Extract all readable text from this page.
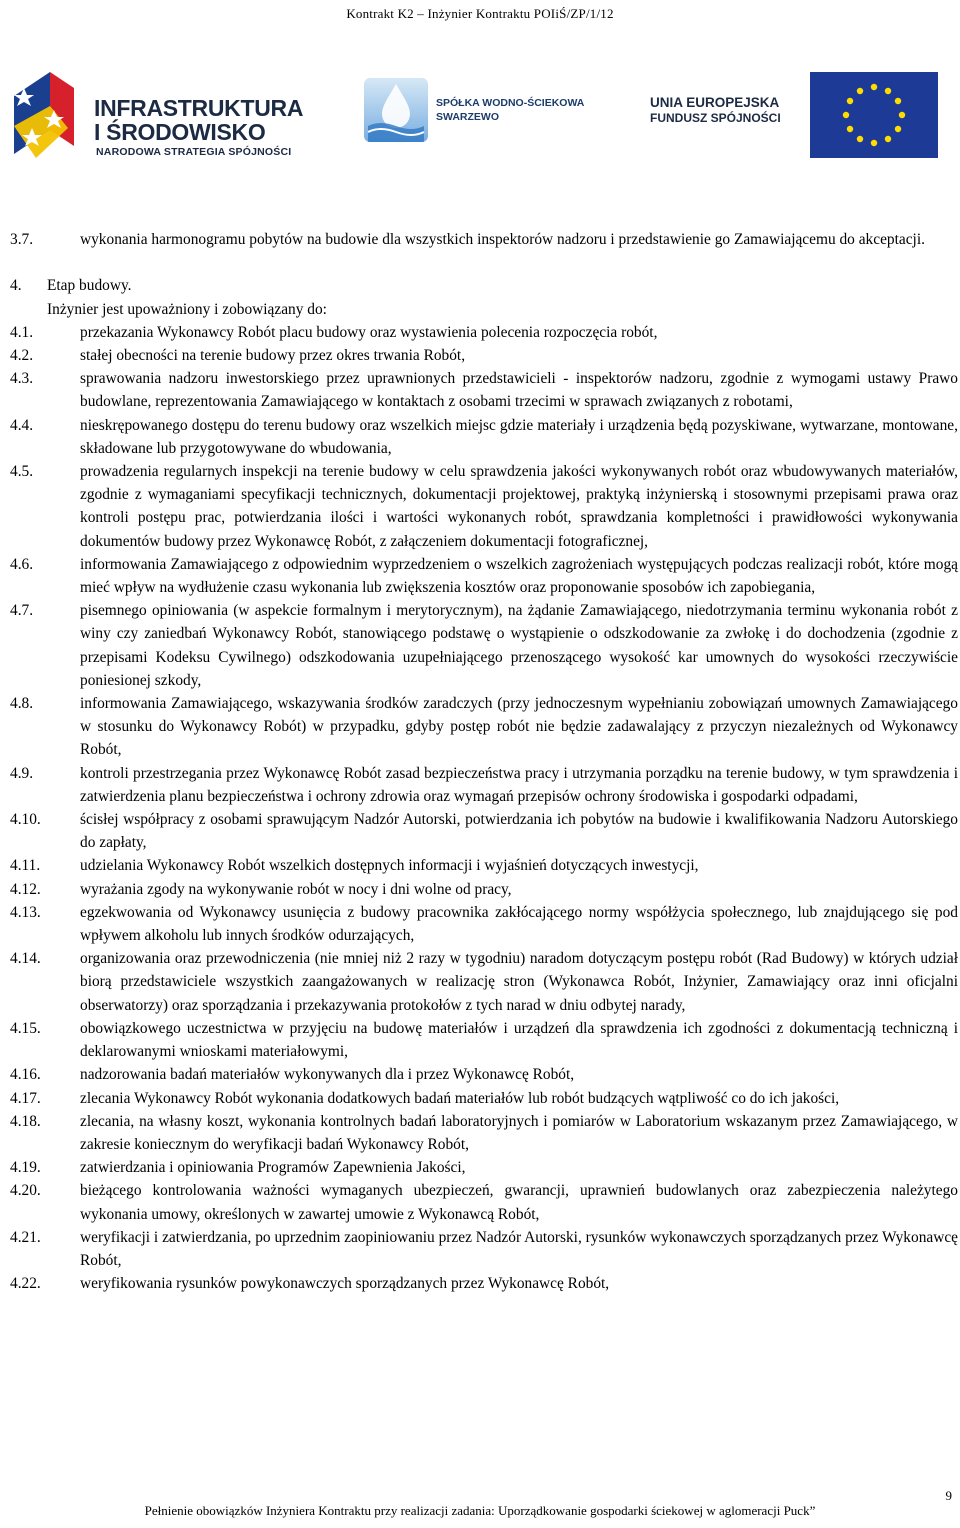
Kontrakt K2 – Inżynier Kontraktu POIiŚ/ZP/1/12
INFRASTRUKTURA
I ŚRODOWISKO
NARODOWA STRATEGIA SPÓJNOŚCI
SPÓŁKA WODNO-ŚCIEKOWA
SWARZEWO
UNIA EUROPEJSKA
FUNDUSZ SPÓJNOŚCI
3.7.	wykonania harmonogramu pobytów na budowie dla wszystkich inspektorów nadzoru i przedstawienie go Zamawiającemu do akceptacji.
4.	Etap budowy.
Inżynier jest upoważniony i zobowiązany do:
4.1.	przekazania Wykonawcy Robót placu budowy oraz wystawienia polecenia rozpoczęcia robót,
4.2.	stałej obecności na terenie budowy przez okres trwania Robót,
4.3.	sprawowania nadzoru inwestorskiego przez uprawnionych przedstawicieli - inspektorów nadzoru, zgodnie z wymogami ustawy Prawo budowlane, reprezentowania Zamawiającego w kontaktach z osobami trzecimi w sprawach związanych z robotami,
4.4.	nieskrępowanego dostępu do terenu budowy oraz wszelkich miejsc gdzie materiały i urządzenia będą pozyskiwane, wytwarzane, montowane, składowane lub przygotowywane do wbudowania,
4.5.	prowadzenia regularnych inspekcji na terenie budowy w celu sprawdzenia jakości wykonywanych robót oraz wbudowywanych materiałów, zgodnie z wymaganiami specyfikacji technicznych, dokumentacji projektowej, praktyką inżynierską i stosownymi przepisami prawa oraz kontroli postępu prac, potwierdzania ilości i wartości wykonanych robót, sprawdzania kompletności i prawidłowości wykonywania dokumentów budowy przez Wykonawcę Robót, z załączeniem dokumentacji fotograficznej,
4.6.	informowania Zamawiającego z odpowiednim wyprzedzeniem o wszelkich zagrożeniach występujących podczas realizacji robót, które mogą mieć wpływ na wydłużenie czasu wykonania lub zwiększenia kosztów oraz proponowanie sposobów ich zapobiegania,
4.7.	pisemnego opiniowania (w aspekcie formalnym i merytorycznym), na żądanie Zamawiającego, niedotrzymania terminu wykonania robót z winy czy zaniedbań Wykonawcy Robót, stanowiącego podstawę o wystąpienie o odszkodowanie za zwłokę i do dochodzenia (zgodnie z przepisami Kodeksu Cywilnego) odszkodowania uzupełniającego przenoszącego wysokość kar umownych do wysokości rzeczywiście poniesionej szkody,
4.8.	informowania Zamawiającego, wskazywania środków zaradczych (przy jednoczesnym wypełnianiu zobowiązań umownych Zamawiającego w stosunku do Wykonawcy Robót) w przypadku, gdyby postęp robót nie będzie zadawalający z przyczyn niezależnych od Wykonawcy Robót,
4.9.	kontroli przestrzegania przez Wykonawcę Robót zasad bezpieczeństwa pracy i utrzymania porządku na terenie budowy, w tym sprawdzenia i zatwierdzenia planu bezpieczeństwa i ochrony zdrowia oraz wymagań przepisów ochrony środowiska i gospodarki odpadami,
4.10.	ścisłej współpracy z osobami sprawującym Nadzór Autorski, potwierdzania ich pobytów na budowie i kwalifikowania Nadzoru Autorskiego do zapłaty,
4.11.	udzielania Wykonawcy Robót wszelkich dostępnych informacji i wyjaśnień dotyczących inwestycji,
4.12.	wyrażania zgody na wykonywanie robót w nocy i dni wolne od pracy,
4.13.	egzekwowania od Wykonawcy usunięcia z budowy pracownika zakłócającego normy współżycia społecznego, lub znajdującego się pod wpływem alkoholu lub innych środków odurzających,
4.14.	organizowania oraz przewodniczenia (nie mniej niż 2 razy w tygodniu) naradom dotyczącym postępu robót (Rad Budowy) w których udział biorą przedstawiciele wszystkich zaangażowanych w realizację stron (Wykonawca Robót, Inżynier, Zamawiający oraz inni oficjalni obserwatorzy) oraz sporządzania i przekazywania protokołów z tych narad w dniu odbytej narady,
4.15.	obowiązkowego uczestnictwa w przyjęciu na budowę materiałów i urządzeń dla sprawdzenia ich zgodności z dokumentacją techniczną i deklarowanymi wnioskami materiałowymi,
4.16.	nadzorowania badań materiałów wykonywanych dla i przez Wykonawcę Robót,
4.17.	zlecania Wykonawcy Robót wykonania dodatkowych badań materiałów lub robót budzących wątpliwość co do ich jakości,
4.18.	zlecania, na własny koszt, wykonania kontrolnych badań laboratoryjnych i pomiarów w Laboratorium wskazanym przez Zamawiającego, w zakresie koniecznym do weryfikacji badań Wykonawcy Robót,
4.19.	zatwierdzania i opiniowania Programów Zapewnienia Jakości,
4.20.	bieżącego kontrolowania ważności wymaganych ubezpieczeń, gwarancji, uprawnień budowlanych oraz zabezpieczenia należytego wykonania umowy, określonych w zawartej umowie z Wykonawcą Robót,
4.21.	weryfikacji i zatwierdzania, po uprzednim zaopiniowaniu przez Nadzór Autorski, rysunków wykonawczych sporządzanych przez Wykonawcę Robót,
4.22.	weryfikowania rysunków powykonawczych sporządzanych przez Wykonawcę Robót,
Pełnienie obowiązków Inżyniera Kontraktu przy realizacji zadania: Uporządkowanie gospodarki ściekowej w aglomeracji Puck”
9
